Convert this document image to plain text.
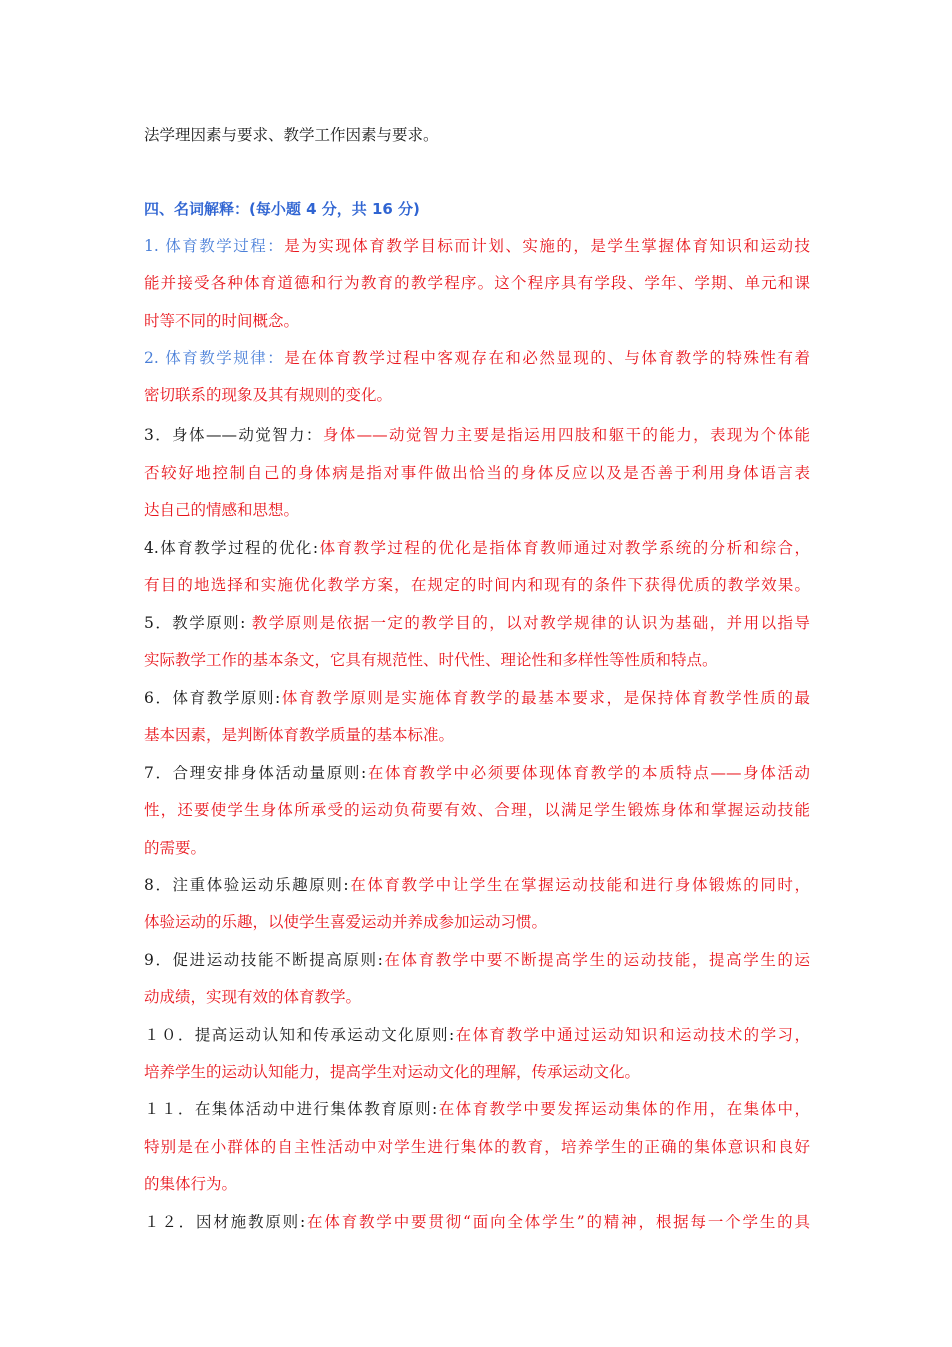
法学理因素与要求、教学工作因素与要求。
四、名词解释：(每小题 4 分，共 16 分)
1. 体育教学过程：是为实现体育教学目标而计划、实施的，是学生掌握体育知识和运动技
能并接受各种体育道德和行为教育的教学程序。这个程序具有学段、学年、学期、单元和课
时等不同的时间概念。
2. 体育教学规律：是在体育教学过程中客观存在和必然显现的、与体育教学的特殊性有着
密切联系的现象及其有规则的变化。
3．身体——动觉智力：身体——动觉智力主要是指运用四肢和躯干的能力，表现为个体能
否较好地控制自己的身体病是指对事件做出恰当的身体反应以及是否善于利用身体语言表
达自己的情感和思想。
4.体育教学过程的优化:体育教学过程的优化是指体育教师通过对教学系统的分析和综合，
有目的地选择和实施优化教学方案，在规定的时间内和现有的条件下获得优质的教学效果。
5．教学原则: 教学原则是依据一定的教学目的，以对教学规律的认识为基础，并用以指导
实际教学工作的基本条文，它具有规范性、时代性、理论性和多样性等性质和特点。
6．体育教学原则:体育教学原则是实施体育教学的最基本要求，是保持体育教学性质的最
基本因素，是判断体育教学质量的基本标准。
7．合理安排身体活动量原则:在体育教学中必须要体现体育教学的本质特点——身体活动
性，还要使学生身体所承受的运动负荷要有效、合理，以满足学生锻炼身体和掌握运动技能
的需要。
8．注重体验运动乐趣原则:在体育教学中让学生在掌握运动技能和进行身体锻炼的同时，
体验运动的乐趣，以使学生喜爱运动并养成参加运动习惯。
9．促进运动技能不断提高原则:在体育教学中要不断提高学生的运动技能，提高学生的运
动成绩，实现有效的体育教学。
１０．提高运动认知和传承运动文化原则:在体育教学中通过运动知识和运动技术的学习，
培养学生的运动认知能力，提高学生对运动文化的理解，传承运动文化。
１１．在集体活动中进行集体教育原则:在体育教学中要发挥运动集体的作用，在集体中，
特别是在小群体的自主性活动中对学生进行集体的教育，培养学生的正确的集体意识和良好
的集体行为。
１２．因材施教原则:在体育教学中要贯彻“面向全体学生”的精神，根据每一个学生的具
